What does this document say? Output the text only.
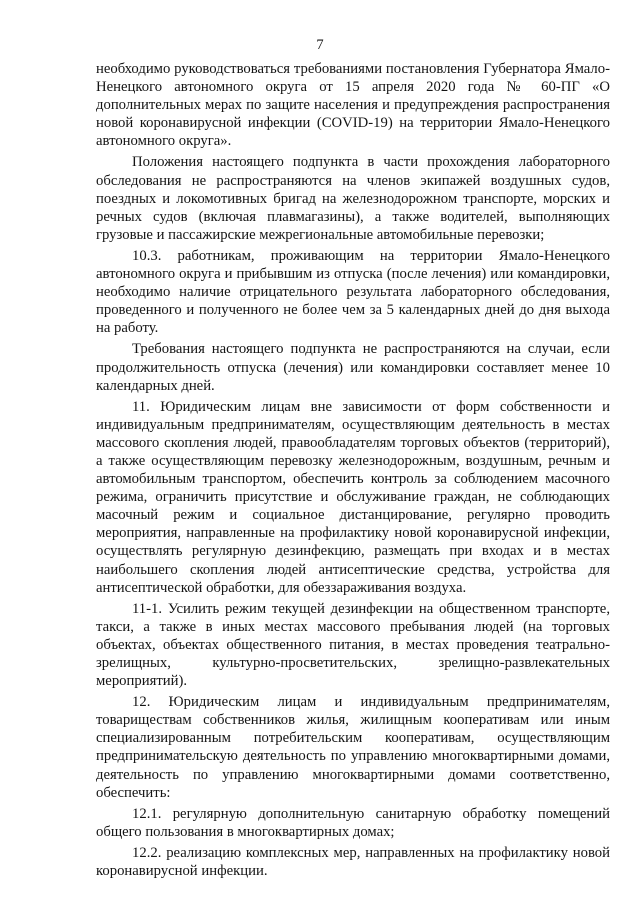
7

необходимо руководствоваться требованиями постановления Губернатора Ямало-Ненецкого автономного округа от 15 апреля 2020 года № 60-ПГ «О дополнительных мерах по защите населения и предупреждения распространения новой коронавирусной инфекции (COVID-19) на территории Ямало-Ненецкого автономного округа».

Положения настоящего подпункта в части прохождения лабораторного обследования не распространяются на членов экипажей воздушных судов, поездных и локомотивных бригад на железнодорожном транспорте, морских и речных судов (включая плавмагазины), а также водителей, выполняющих грузовые и пассажирские межрегиональные автомобильные перевозки;

10.3. работникам, проживающим на территории Ямало-Ненецкого автономного округа и прибывшим из отпуска (после лечения) или командировки, необходимо наличие отрицательного результата лабораторного обследования, проведенного и полученного не более чем за 5 календарных дней до дня выхода на работу.

Требования настоящего подпункта не распространяются на случаи, если продолжительность отпуска (лечения) или командировки составляет менее 10 календарных дней.

11. Юридическим лицам вне зависимости от форм собственности и индивидуальным предпринимателям, осуществляющим деятельность в местах массового скопления людей, правообладателям торговых объектов (территорий), а также осуществляющим перевозку железнодорожным, воздушным, речным и автомобильным транспортом, обеспечить контроль за соблюдением масочного режима, ограничить присутствие и обслуживание граждан, не соблюдающих масочный режим и социальное дистанцирование, регулярно проводить мероприятия, направленные на профилактику новой коронавирусной инфекции, осуществлять регулярную дезинфекцию, размещать при входах и в местах наибольшего скопления людей антисептические средства, устройства для антисептической обработки, для обеззараживания воздуха.

11-1. Усилить режим текущей дезинфекции на общественном транспорте, такси, а также в иных местах массового пребывания людей (на торговых объектах, объектах общественного питания, в местах проведения театрально-зрелищных, культурно-просветительских, зрелищно-развлекательных мероприятий).

12. Юридическим лицам и индивидуальным предпринимателям, товариществам собственников жилья, жилищным кооперативам или иным специализированным потребительским кооперативам, осуществляющим предпринимательскую деятельность по управлению многоквартирными домами, деятельность по управлению многоквартирными домами соответственно, обеспечить:

12.1. регулярную дополнительную санитарную обработку помещений общего пользования в многоквартирных домах;

12.2. реализацию комплексных мер, направленных на профилактику новой коронавирусной инфекции.
